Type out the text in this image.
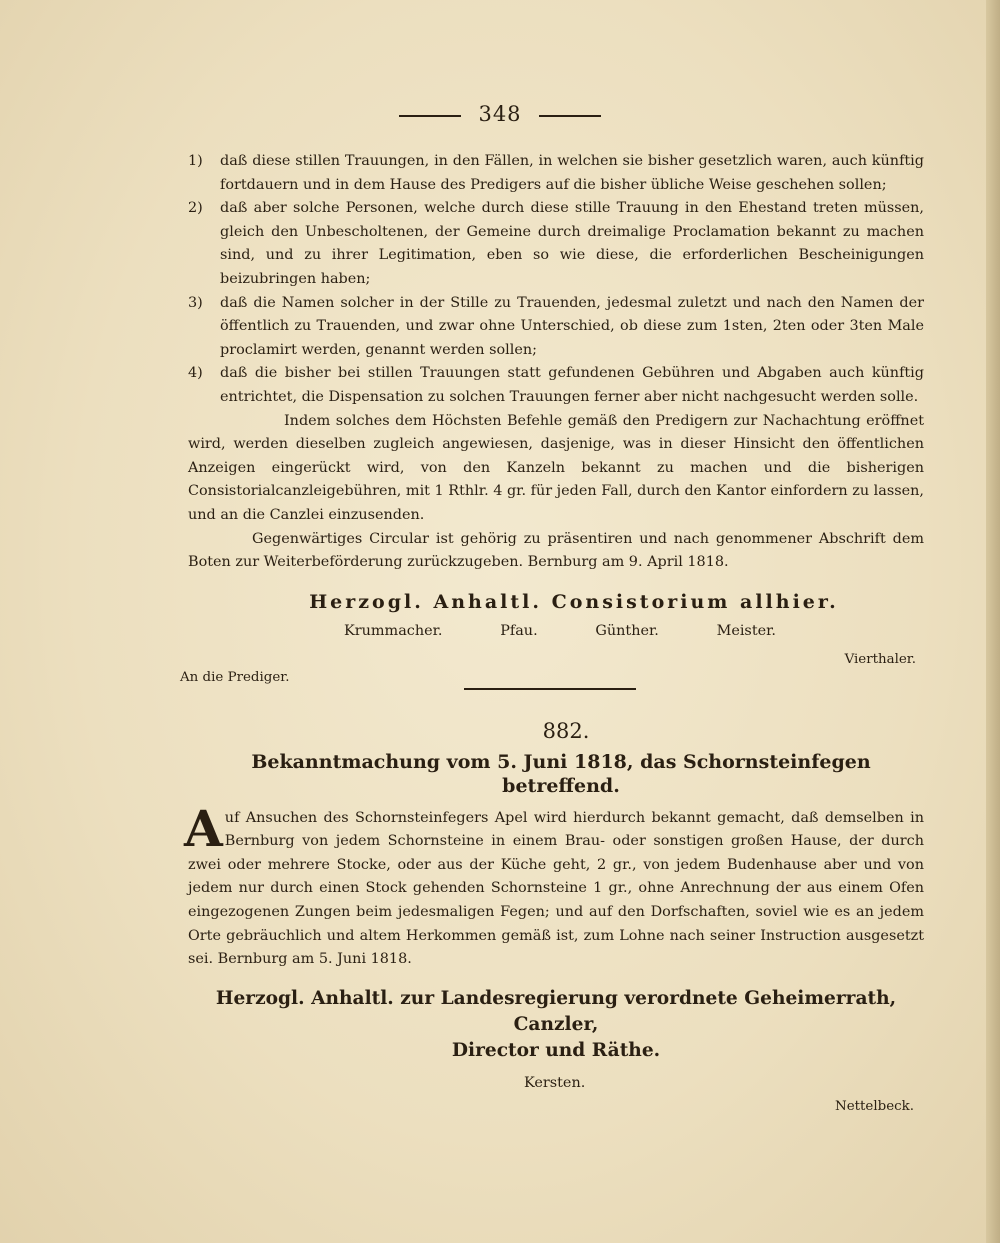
348
1) daß diese stillen Trauungen, in den Fällen, in welchen sie bisher gesetzlich waren, auch künftig fortdauern und in dem Hause des Predigers auf die bisher übliche Weise geschehen sollen;
2) daß aber solche Personen, welche durch diese stille Trauung in den Ehestand treten müssen, gleich den Unbescholtenen, der Gemeine durch dreimalige Proclamation bekannt zu machen sind, und zu ihrer Legitimation, eben so wie diese, die erforderlichen Bescheinigungen beizubringen haben;
3) daß die Namen solcher in der Stille zu Trauenden, jedesmal zuletzt und nach den Namen der öffentlich zu Trauenden, und zwar ohne Unterschied, ob diese zum 1sten, 2ten oder 3ten Male proclamirt werden, genannt werden sollen;
4) daß die bisher bei stillen Trauungen statt gefundenen Gebühren und Abgaben auch künftig entrichtet, die Dispensation zu solchen Trauungen ferner aber nicht nachgesucht werden solle.
Indem solches dem Höchsten Befehle gemäß den Predigern zur Nachachtung eröffnet wird, werden dieselben zugleich angewiesen, dasjenige, was in dieser Hinsicht den öffentlichen Anzeigen eingerückt wird, von den Kanzeln bekannt zu machen und die bisherigen Consistorialcanzleigebühren, mit 1 Rthlr. 4 gr. für jeden Fall, durch den Kantor einfordern zu lassen, und an die Canzlei einzusenden.
Gegenwärtiges Circular ist gehörig zu präsentiren und nach genommener Abschrift dem Boten zur Weiterbeförderung zurückzugeben. Bernburg am 9. April 1818.
Herzogl. Anhaltl. Consistorium allhier.
Krummacher.	Pfau.	Günther.	Meister.
An die Prediger.
Vierthaler.
882.
Bekanntmachung vom 5. Juni 1818, das Schornsteinfegen betreffend.
Auf Ansuchen des Schornsteinfegers Apel wird hierdurch bekannt gemacht, daß demselben in Bernburg von jedem Schornsteine in einem Brau- oder sonstigen großen Hause, der durch zwei oder mehrere Stocke, oder aus der Küche geht, 2 gr., von jedem Budenhause aber und von jedem nur durch einen Stock gehenden Schornsteine 1 gr., ohne Anrechnung der aus einem Ofen eingezogenen Zungen beim jedesmaligen Fegen; und auf den Dorfschaften, soviel wie es an jedem Orte gebräuchlich und altem Herkommen gemäß ist, zum Lohne nach seiner Instruction ausgesetzt sei. Bernburg am 5. Juni 1818.
Herzogl. Anhaltl. zur Landesregierung verordnete Geheimerrath, Canzler,
Director und Räthe.
Kersten.
Nettelbeck.
